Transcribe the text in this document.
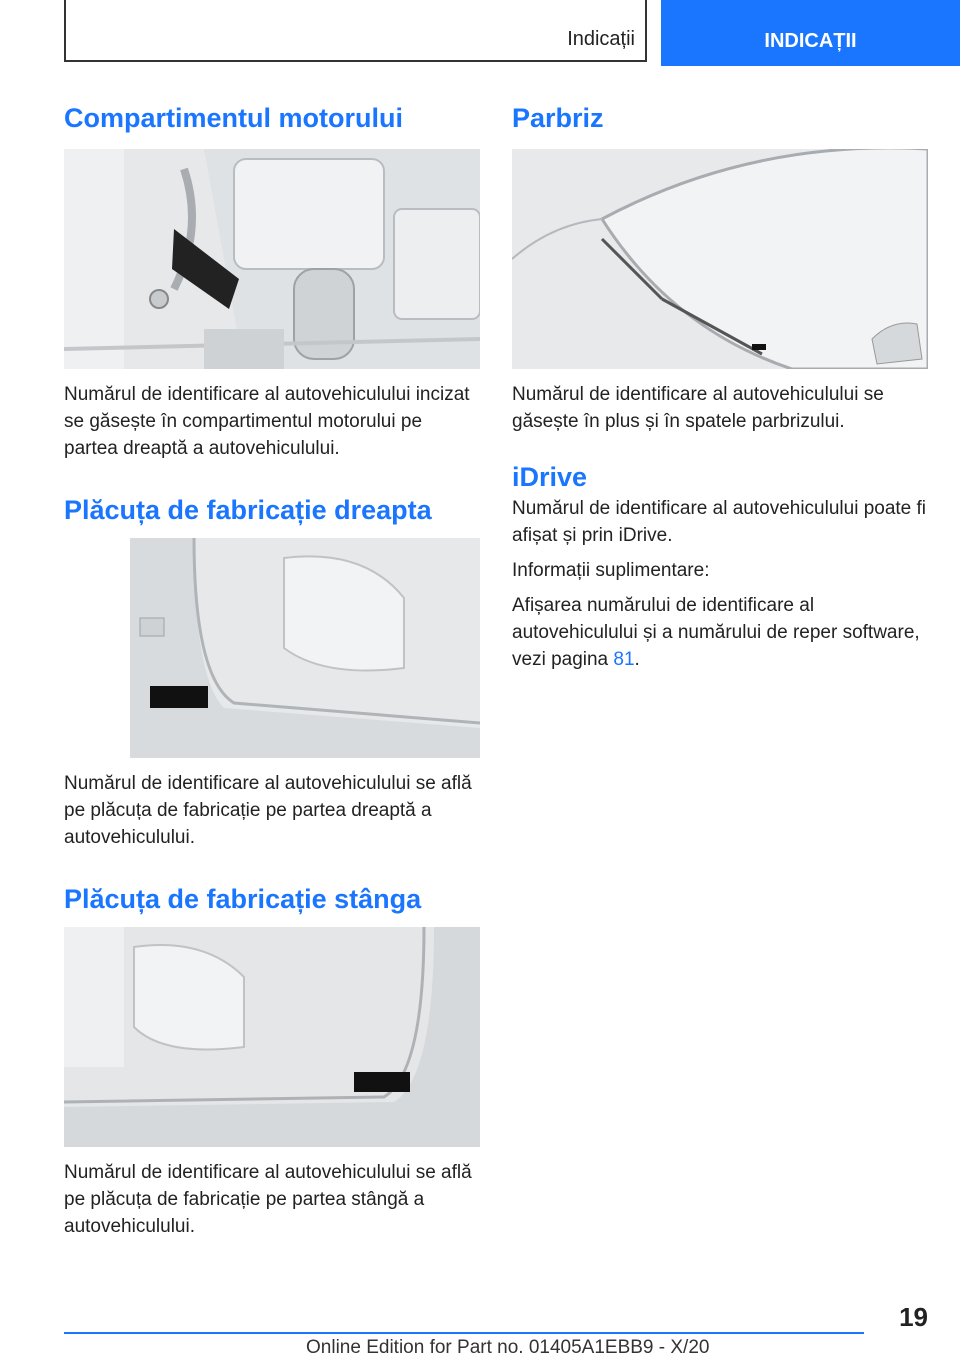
Indicații	INDICAȚII
Compartimentul motorului

Numărul de identificare al autovehiculului incizat se găsește în compartimentul motorului pe partea dreaptă a autovehiculului.

Plăcuța de fabricație dreapta

Numărul de identificare al autovehiculului se află pe plăcuța de fabricație pe partea dreaptă a autovehiculului.

Plăcuța de fabricație stânga

Numărul de identificare al autovehiculului se află pe plăcuța de fabricație pe partea stângă a autovehiculului.

Parbriz

Numărul de identificare al autovehiculului se găsește în plus și în spatele parbrizului.

iDrive

Numărul de identificare al autovehiculului poate fi afișat și prin iDrive.

Informații suplimentare:

Afișarea numărului de identificare al autovehiculului și a numărului de reper software, vezi pagina 81.

19
Online Edition for Part no. 01405A1EBB9 - X/20
